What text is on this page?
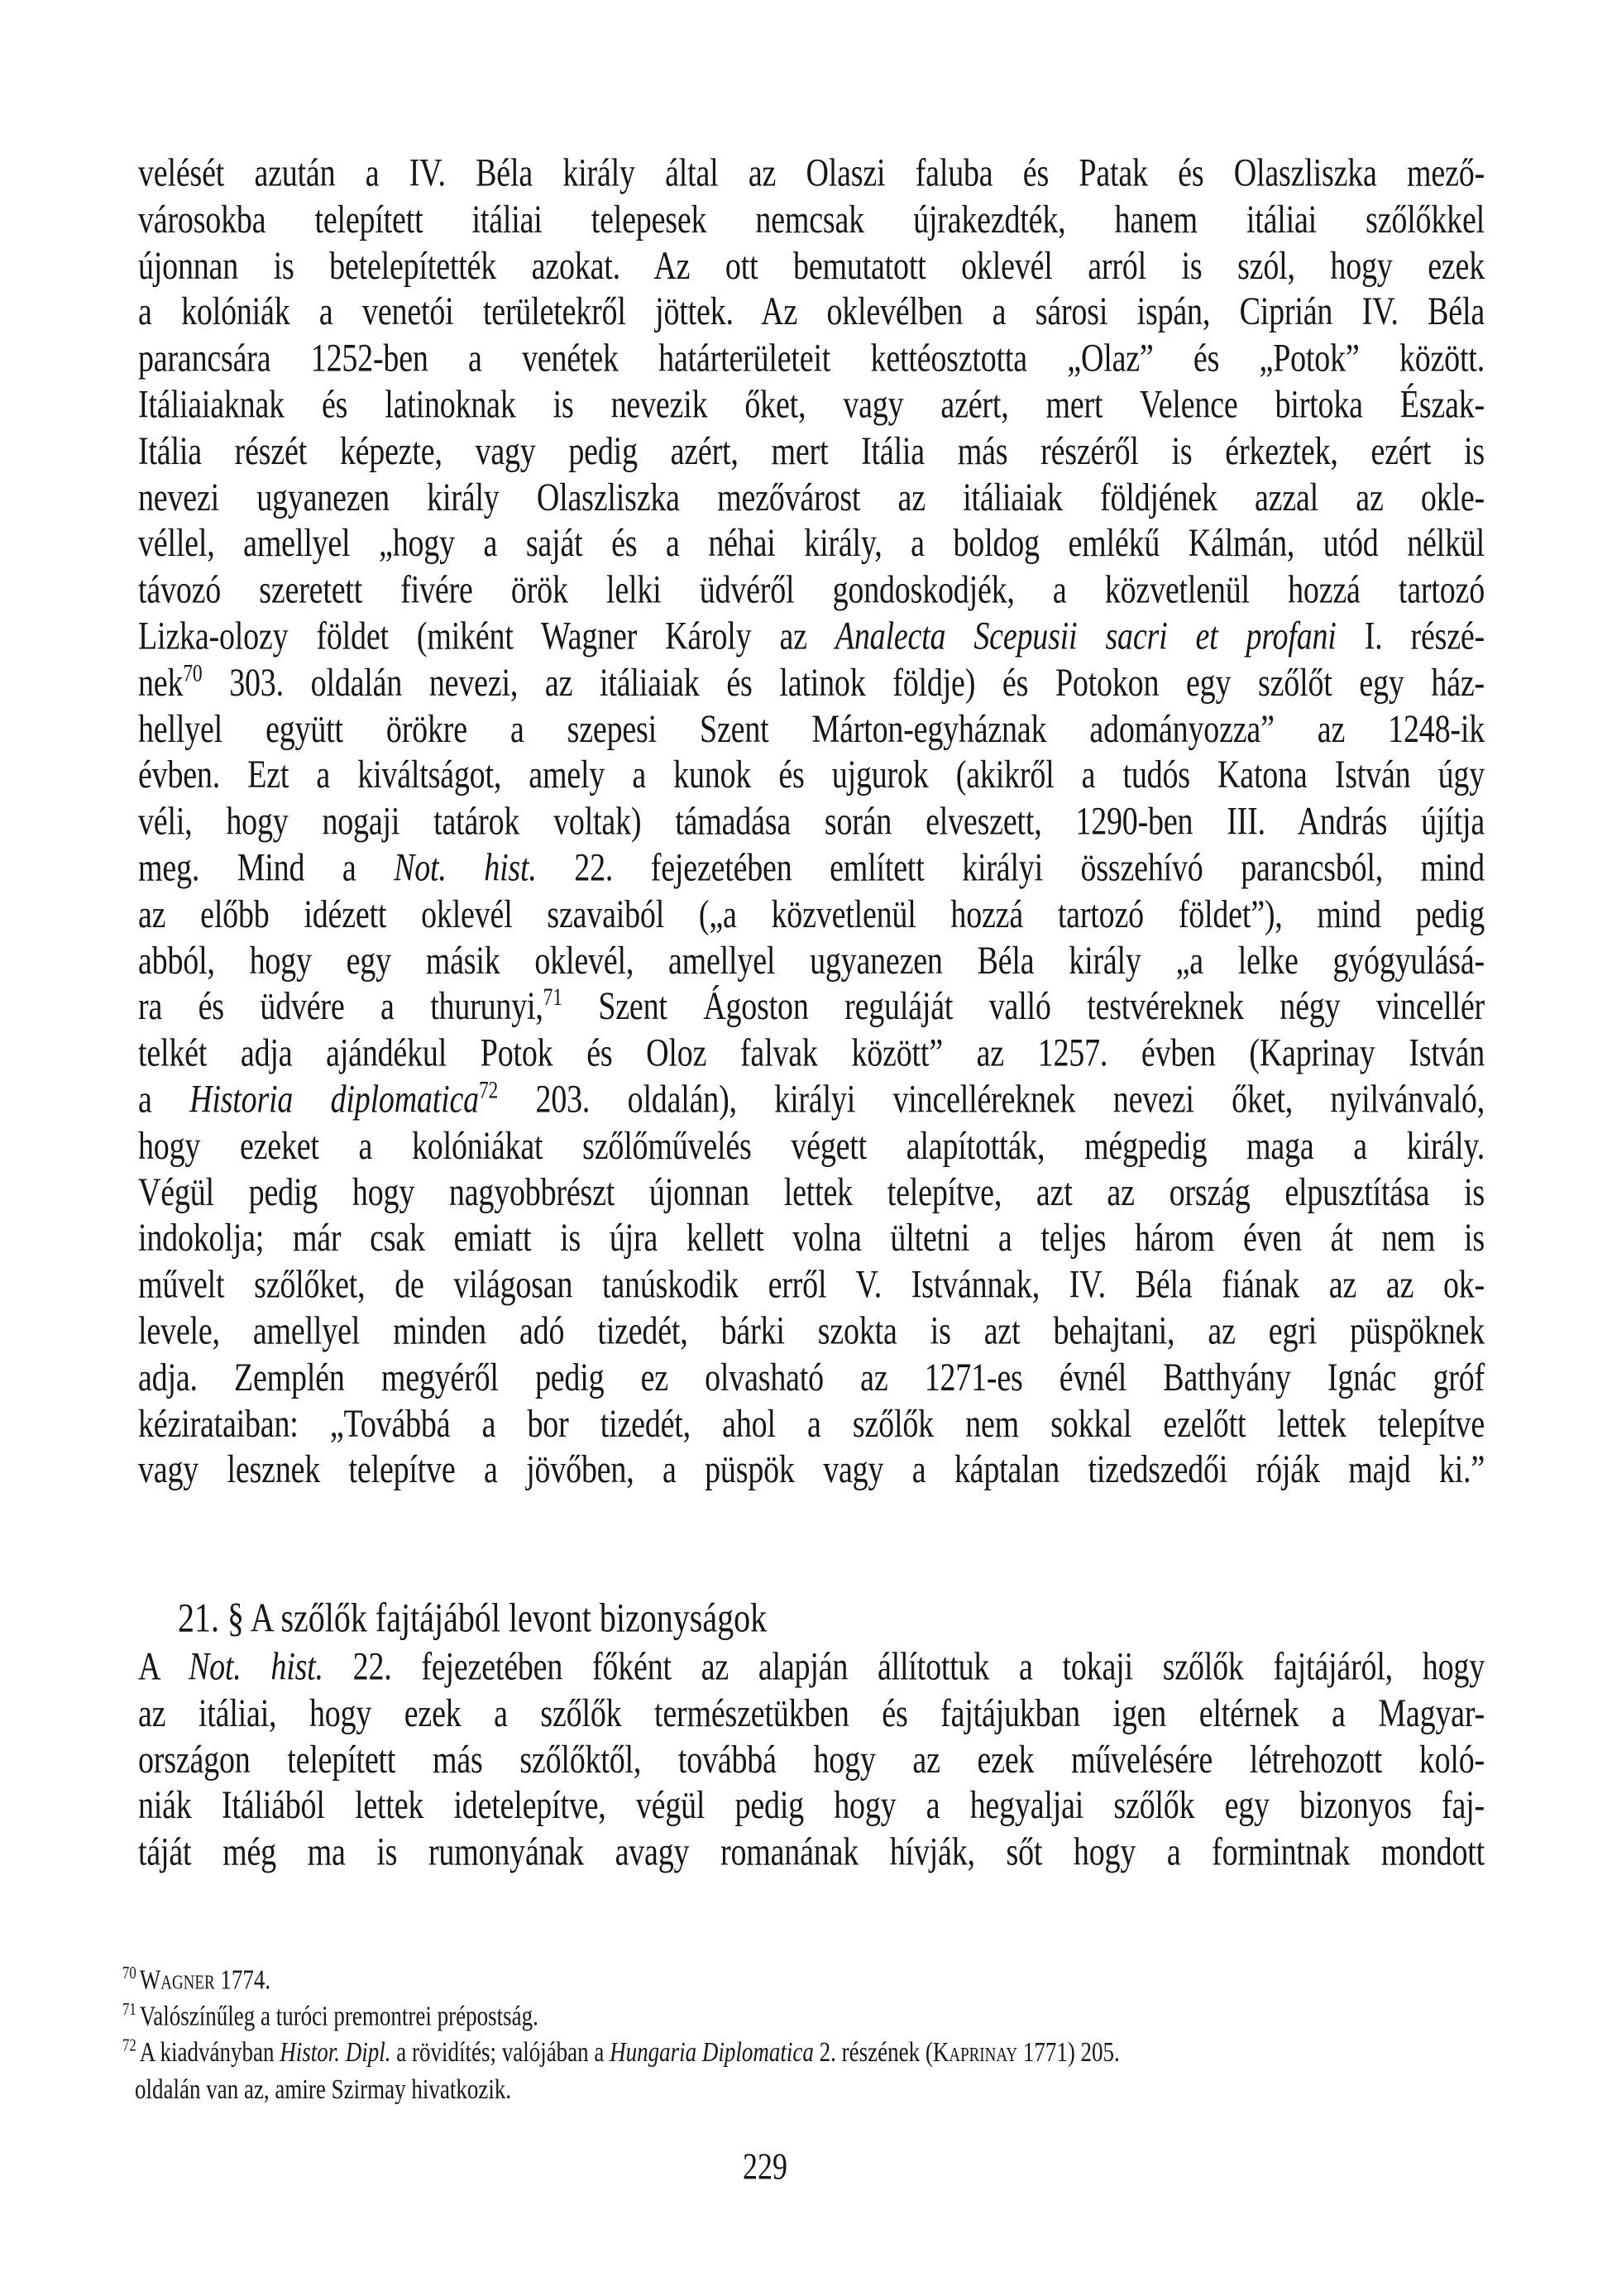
velését azután a IV. Béla király által az Olaszi faluba és Patak és Olaszliszka mező-
városokba telepített itáliai telepesek nemcsak újrakezdték, hanem itáliai szőlőkkel
újonnan is betelepítették azokat. Az ott bemutatott oklevél arról is szól, hogy ezek
a kolóniák a venetói területekről jöttek. Az oklevélben a sárosi ispán, Ciprián IV. Béla
parancsára 1252-ben a venétek határterületeit kettéosztotta „Olaz” és „Potok” között.
Itáliaiaknak és latinoknak is nevezik őket, vagy azért, mert Velence birtoka Észak-
Itália részét képezte, vagy pedig azért, mert Itália más részéről is érkeztek, ezért is
nevezi ugyanezen király Olaszliszka mezővárost az itáliaiak földjének azzal az okle-
véllel, amellyel „hogy a saját és a néhai király, a boldog emlékű Kálmán, utód nélkül
távozó szeretett fivére örök lelki üdvéről gondoskodjék, a közvetlenül hozzá tartozó
Lizka-olozy földet (miként Wagner Károly az Analecta Scepusii sacri et profani I. részé-
nek$^{70}$ 303. oldalán nevezi, az itáliaiak és latinok földje) és Potokon egy szőlőt egy ház-
hellyel együtt örökre a szepesi Szent Márton-egyháznak adományozza” az 1248-ik
évben. Ezt a kiváltságot, amely a kunok és ujgurok (akikről a tudós Katona István úgy
véli, hogy nogaji tatárok voltak) támadása során elveszett, 1290-ben III. András újítja
meg. Mind a Not. hist. 22. fejezetében említett királyi összehívó parancsból, mind
az előbb idézett oklevél szavaiból („a közvetlenül hozzá tartozó földet”), mind pedig
abból, hogy egy másik oklevél, amellyel ugyanezen Béla király „a lelke gyógyulásá-
ra és üdvére a thurunyi,$^{71}$ Szent Ágoston reguláját valló testvéreknek négy vincellér
telkét adja ajándékul Potok és Oloz falvak között” az 1257. évben (Kaprinay István
a Historia diplomatica$^{72}$ 203. oldalán), királyi vincelléreknek nevezi őket, nyilvánvaló,
hogy ezeket a kolóniákat szőlőművelés végett alapították, mégpedig maga a király.
Végül pedig hogy nagyobbrészt újonnan lettek telepítve, azt az ország elpusztítása is
indokolja; már csak emiatt is újra kellett volna ültetni a teljes három éven át nem is
művelt szőlőket, de világosan tanúskodik erről V. Istvánnak, IV. Béla fiának az az ok-
levele, amellyel minden adó tizedét, bárki szokta is azt behajtani, az egri püspöknek
adja. Zemplén megyéről pedig ez olvasható az 1271-es évnél Batthyány Ignác gróf
kézirataiban: „Továbbá a bor tizedét, ahol a szőlők nem sokkal ezelőtt lettek telepítve
vagy lesznek telepítve a jövőben, a püspök vagy a káptalan tizedszedői róják majd ki.”
21. § A szőlők fajtájából levont bizonyságok
A Not. hist. 22. fejezetében főként az alapján állítottuk a tokaji szőlők fajtájáról, hogy
az itáliai, hogy ezek a szőlők természetükben és fajtájukban igen eltérnek a Magyar-
országon telepített más szőlőktől, továbbá hogy az ezek művelésére létrehozott koló-
niák Itáliából lettek idetelepítve, végül pedig hogy a hegyaljai szőlők egy bizonyos faj-
táját még ma is rumonyának avagy romanának hívják, sőt hogy a formintnak mondott
$^{70}$ Wagner 1774.
$^{71}$ Valószínűleg a turóci premontrei prépostság.
$^{72}$ A kiadványban Histor. Dipl. a rövidítés; valójában a Hungaria Diplomatica 2. részének (Kaprinay 1771) 205.
oldalán van az, amire Szirmay hivatkozik.
229
